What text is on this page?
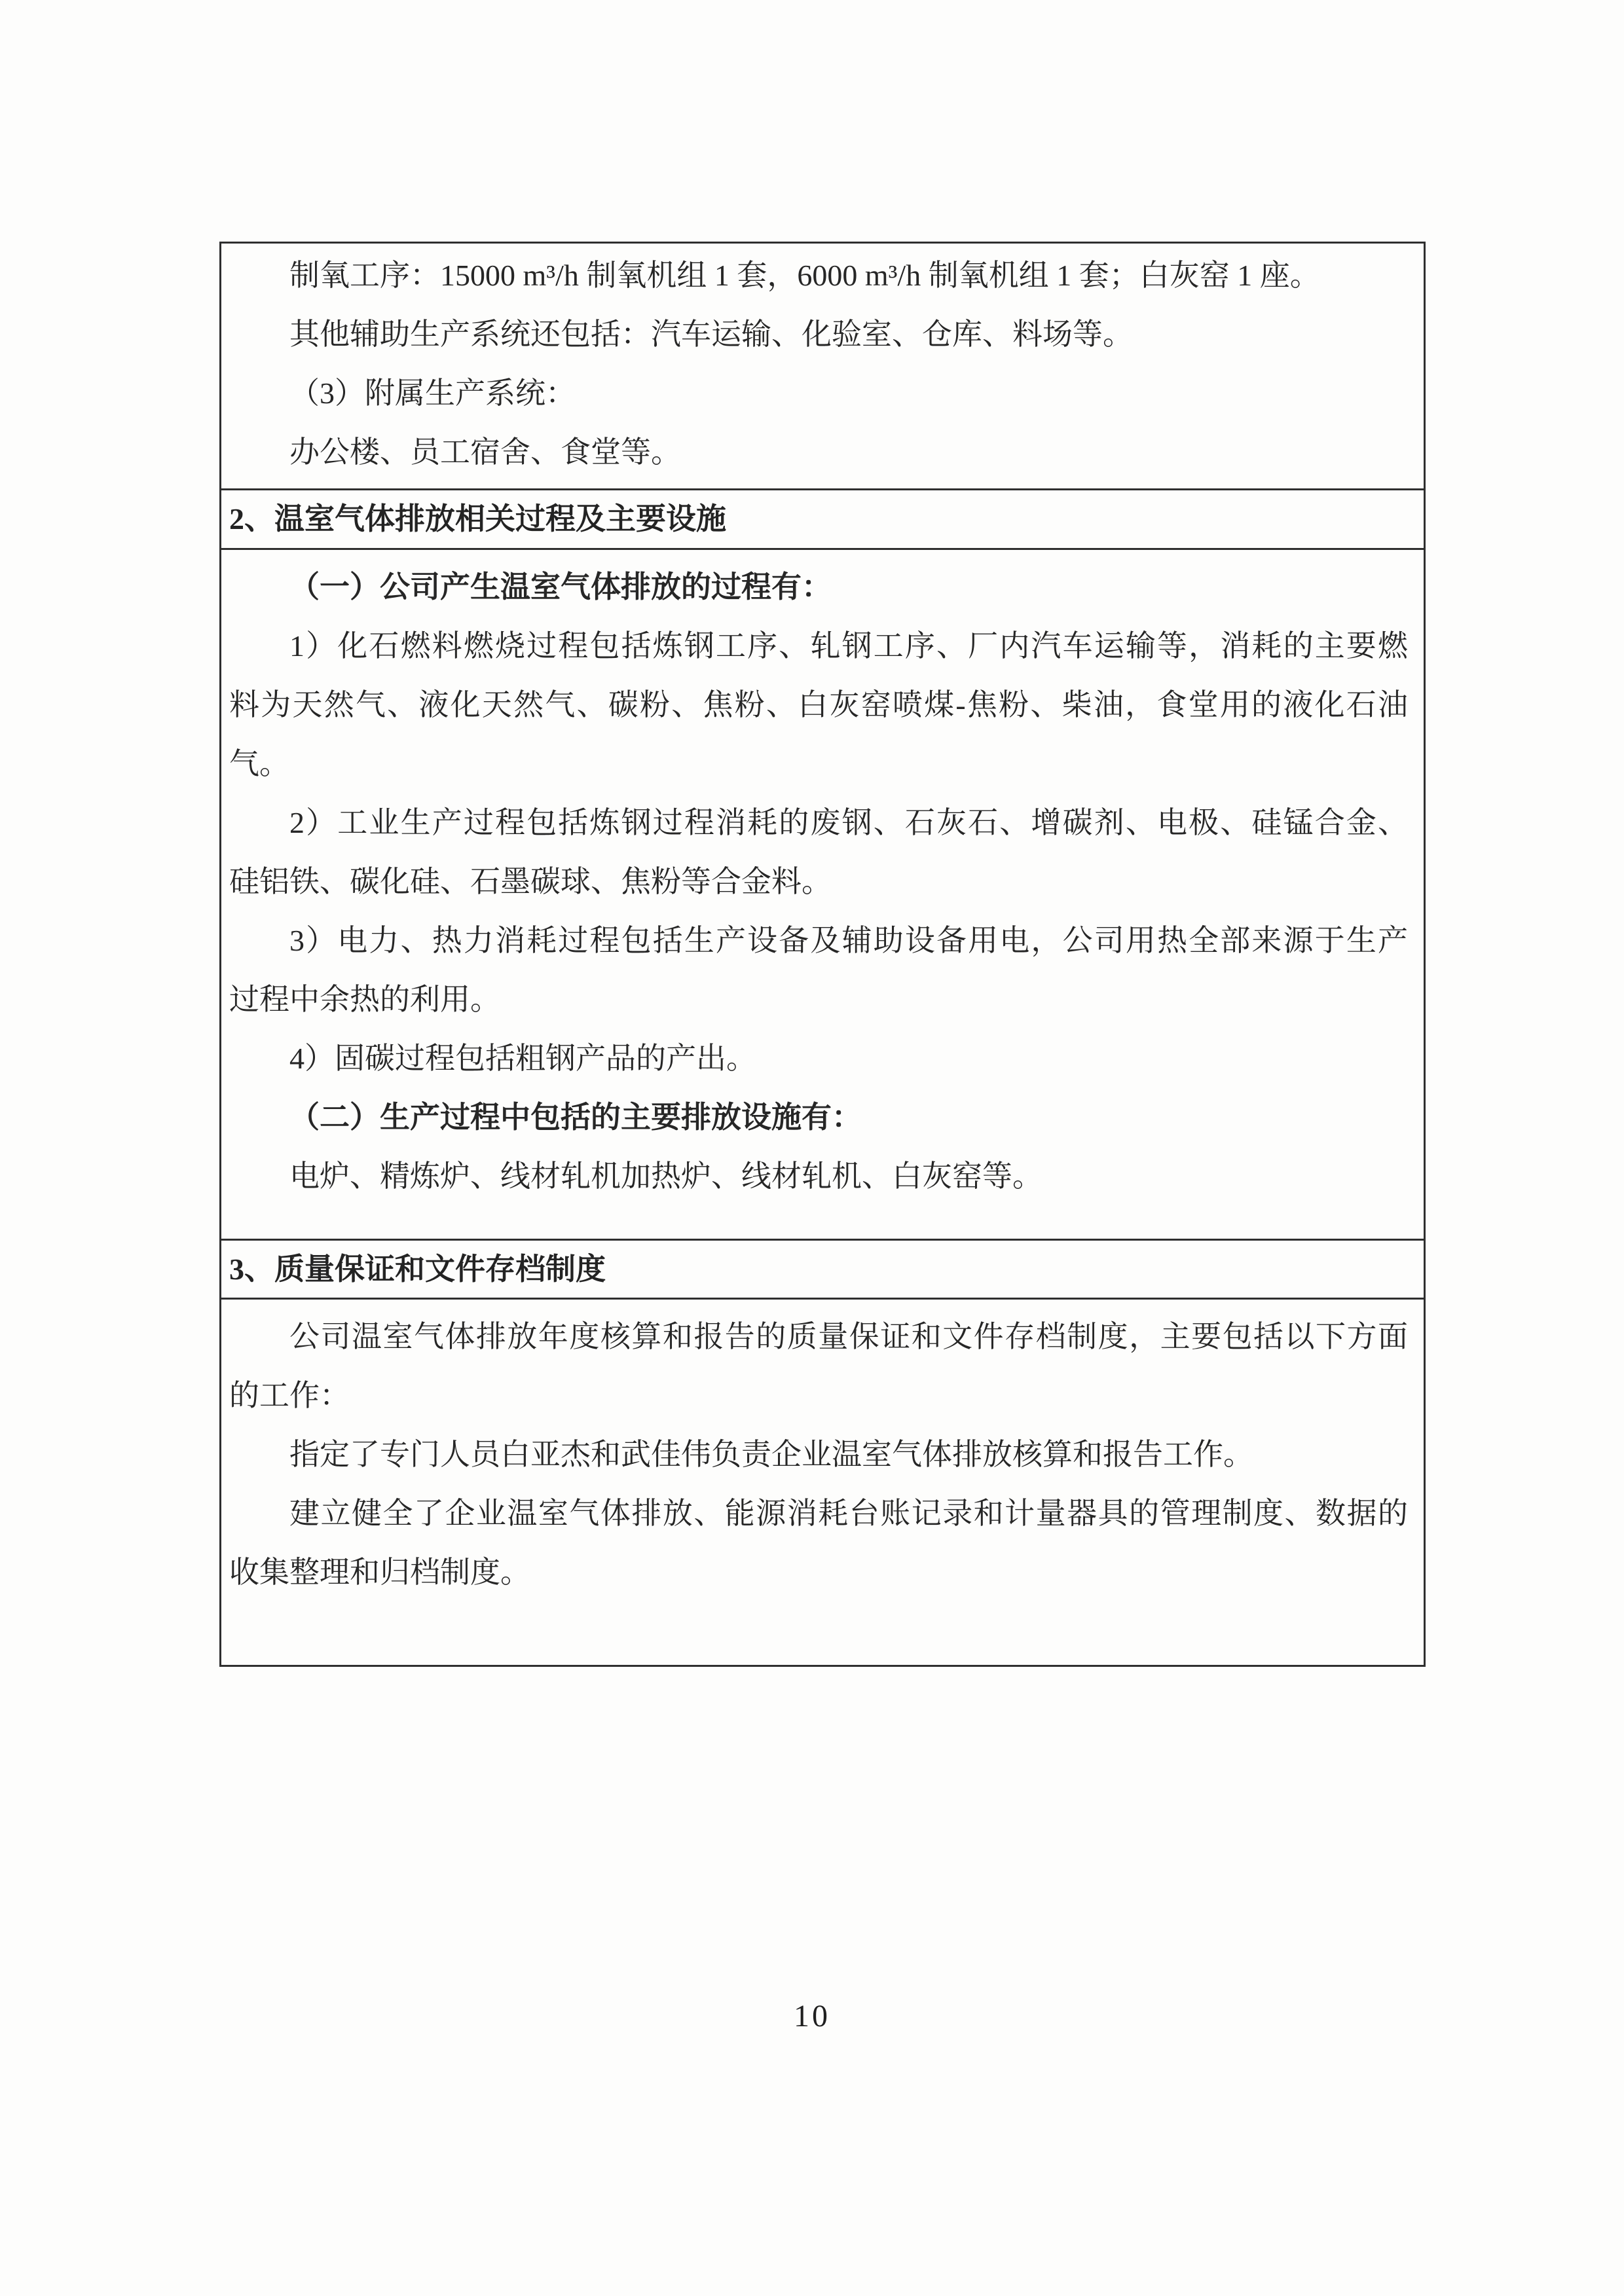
制氧工序：15000 m³/h 制氧机组 1 套，6000 m³/h 制氧机组 1 套；白灰窑 1 座。
其他辅助生产系统还包括：汽车运输、化验室、仓库、料场等。
（3）附属生产系统：
办公楼、员工宿舍、食堂等。
2、温室气体排放相关过程及主要设施
（一）公司产生温室气体排放的过程有：
1）化石燃料燃烧过程包括炼钢工序、轧钢工序、厂内汽车运输等，消耗的主要燃
料为天然气、液化天然气、碳粉、焦粉、白灰窑喷煤-焦粉、柴油，食堂用的液化石油
气。
2）工业生产过程包括炼钢过程消耗的废钢、石灰石、增碳剂、电极、硅锰合金、
硅铝铁、碳化硅、石墨碳球、焦粉等合金料。
3）电力、热力消耗过程包括生产设备及辅助设备用电，公司用热全部来源于生产
过程中余热的利用。
4）固碳过程包括粗钢产品的产出。
（二）生产过程中包括的主要排放设施有：
电炉、精炼炉、线材轧机加热炉、线材轧机、白灰窑等。
3、质量保证和文件存档制度
公司温室气体排放年度核算和报告的质量保证和文件存档制度，主要包括以下方面
的工作：
指定了专门人员白亚杰和武佳伟负责企业温室气体排放核算和报告工作。
建立健全了企业温室气体排放、能源消耗台账记录和计量器具的管理制度、数据的
收集整理和归档制度。
10
